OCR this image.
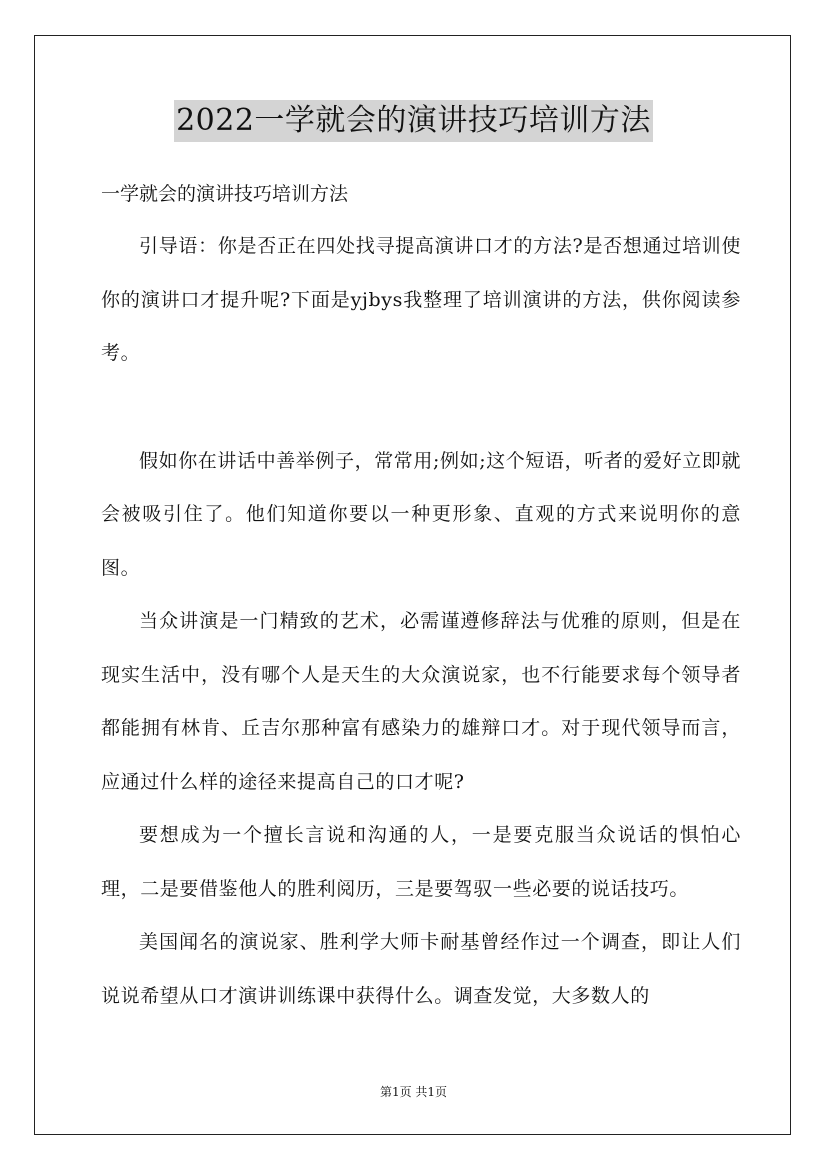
2022一学就会的演讲技巧培训方法

一学就会的演讲技巧培训方法

引导语：你是否正在四处找寻提高演讲口才的方法?是否想通过培训使你的演讲口才提升呢?下面是yjbys我整理了培训演讲的方法，供你阅读参考。

假如你在讲话中善举例子，常常用;例如;这个短语，听者的爱好立即就会被吸引住了。他们知道你要以一种更形象、直观的方式来说明你的意图。

当众讲演是一门精致的艺术，必需谨遵修辞法与优雅的原则，但是在现实生活中，没有哪个人是天生的大众演说家，也不行能要求每个领导者都能拥有林肯、丘吉尔那种富有感染力的雄辩口才。对于现代领导而言，应通过什么样的途径来提高自己的口才呢?

要想成为一个擅长言说和沟通的人，一是要克服当众说话的惧怕心理，二是要借鉴他人的胜利阅历，三是要驾驭一些必要的说话技巧。

美国闻名的演说家、胜利学大师卡耐基曾经作过一个调查，即让人们说说希望从口才演讲训练课中获得什么。调查发觉，大多数人的

第1页 共1页
